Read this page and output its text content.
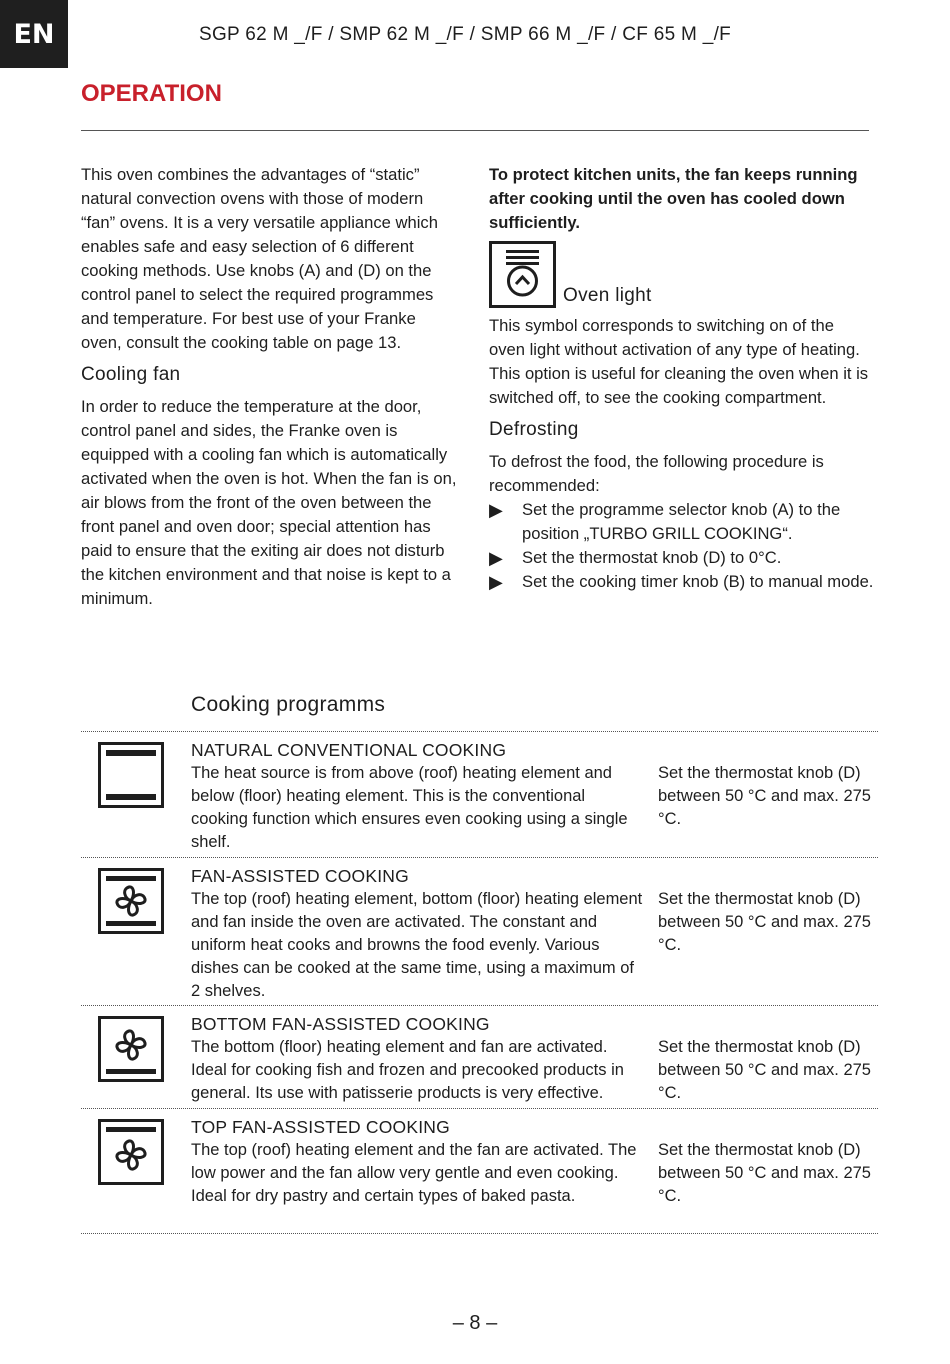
EN	SGP 62 M _/F / SMP 62 M _/F / SMP 66 M _/F / CF 65 M _/F
OPERATION

This oven combines the advantages of “static” natural convection ovens with those of modern “fan” ovens. It is a very versatile appliance which enables safe and easy selection of 6 different cooking methods. Use knobs (A) and (D) on the control panel to select the required programmes and temperature. For best use of your Franke oven, consult the cooking table on page 13.

Cooling fan

In order to reduce the temperature at the door, control panel and sides, the Franke oven is equipped with a cooling fan which is automatically activated when the oven is hot. When the fan is on, air blows from the front of the oven between the front panel and oven door; special attention has paid to ensure that the exiting air does not disturb the kitchen environment and that noise is kept to a minimum.

To protect kitchen units, the fan keeps running after cooking until the oven has cooled down sufficiently.

Oven light

This symbol corresponds to switching on of the oven light without activation of any type of heating. This option is useful for cleaning the oven when it is switched off, to see the cooking compartment.

Defrosting

To defrost the food, the following procedure is recommended:

▶	Set the programme selector knob (A) to the position „TURBO GRILL COOKING“.
▶	Set the thermostat knob (D) to 0°C.
▶	Set the cooking timer knob (B) to manual mode.
Cooking programms
NATURAL CONVENTIONAL COOKING
The heat source is from above (roof) heating element and below (floor) heating element. This is the conventional cooking function which ensures even cooking using a single shelf.
Set the thermostat knob (D) between 50 °C and max. 275 °C.
FAN-ASSISTED COOKING
The top (roof) heating element, bottom (floor) heating element and fan inside the oven are activated. The constant and uniform heat cooks and browns the food evenly. Various dishes can be cooked at the same time, using a maximum of 2 shelves.
Set the thermostat knob (D) between 50 °C and max. 275 °C.
BOTTOM FAN-ASSISTED COOKING
The bottom (floor) heating element and fan are activated. Ideal for cooking fish and frozen and precooked products in general. Its use with patisserie products is very effective.
Set the thermostat knob (D) between 50 °C and max. 275 °C.
TOP FAN-ASSISTED COOKING
The top (roof) heating element and the fan are activated. The low power and the fan allow very gentle and even cooking. Ideal for dry pastry and certain types of baked pasta.
Set the thermostat knob (D) between 50 °C and max. 275 °C.
– 8 –
